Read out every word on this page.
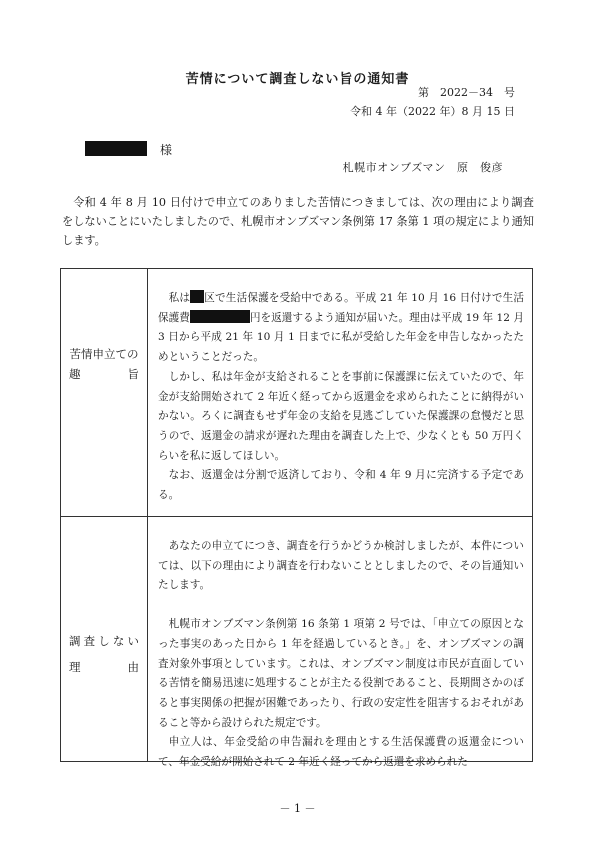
苦情について調査しない旨の通知書
第　2022－34　号
令和 4 年（2022 年）8 月 15 日
様
札幌市オンブズマン　原　俊彦

令和 4 年 8 月 10 日付けで申立てのありました苦情につきましては、次の理由により調査をしないことにいたしましたので、札幌市オンブズマン条例第 17 条第 1 項の規定により通知します。

苦情申立ての
趣	旨

私は 区で生活保護を受給中である。平成 21 年 10 月 16 日付けで生活保護費	円を返還するよう通知が届いた。理由は平成 19 年 12 月 3 日から平成 21 年 10 月 1 日までに私が受給した年金を申告しなかったためということだった。

しかし、私は年金が支給されることを事前に保護課に伝えていたので、年金が支給開始されて 2 年近く経ってから返還金を求められたことに納得がいかない。ろくに調査もせず年金の支給を見逃ごしていた保護課の怠慢だと思うので、返還金の請求が遅れた理由を調査した上で、少なくとも 50 万円くらいを私に返してほしい。

なお、返還金は分割で返済しており、令和 4 年 9 月に完済する予定である。

調 査 し な い
理	由

あなたの申立てにつき、調査を行うかどうか検討しましたが、本件については、以下の理由により調査を行わないこととしましたので、その旨通知いたします。

札幌市オンブズマン条例第 16 条第 1 項第 2 号では、「申立ての原因となった事実のあった日から 1 年を経過しているとき。」を、オンブズマンの調査対象外事項としています。これは、オンブズマン制度は市民が直面している苦情を簡易迅速に処理することが主たる役割であること、長期間さかのぼると事実関係の把握が困難であったり、行政の安定性を阻害するおそれがあること等から設けられた規定です。

申立人は、年金受給の申告漏れを理由とする生活保護費の返還金について、年金受給が開始されて 2 年近く経ってから返還を求められた

－ 1 －
